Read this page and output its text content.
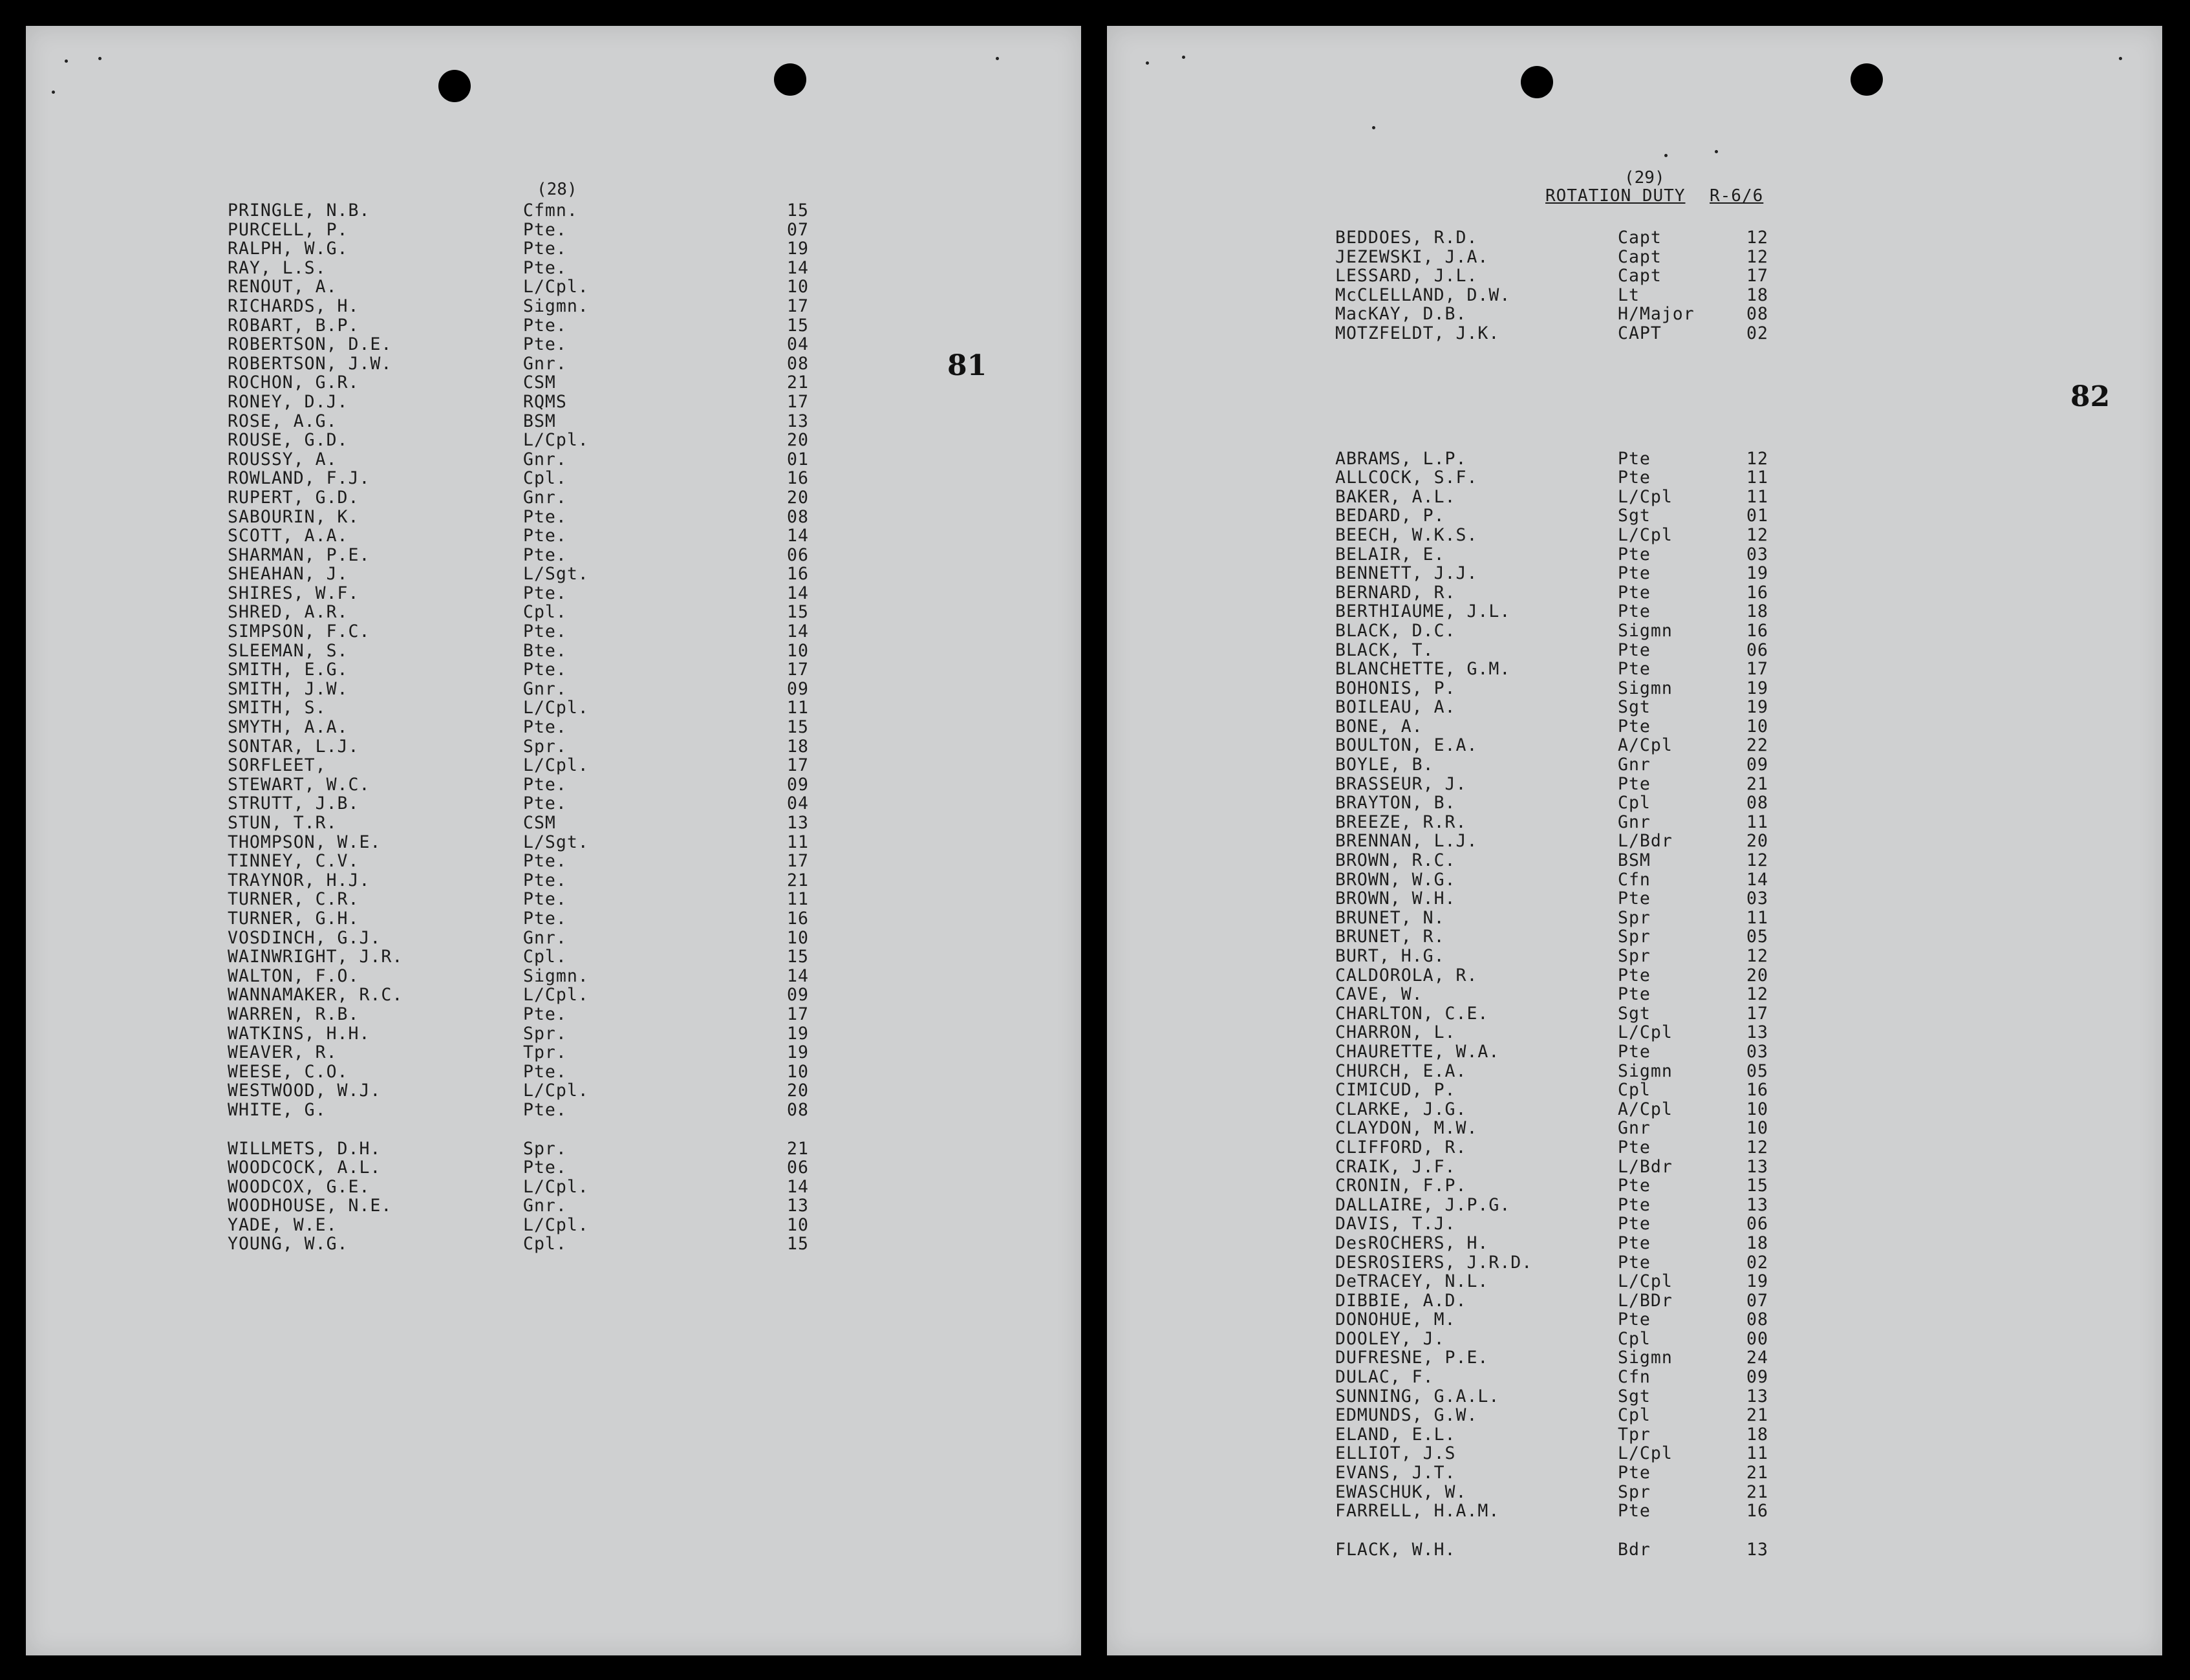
(28)
81
PRINGLE, N.B.	Cfmn.	15
PURCELL, P.	Pte.	07
RALPH, W.G.	Pte.	19
RAY, L.S.	Pte.	14
RENOUT, A.	L/Cpl.	10
RICHARDS, H.	Sigmn.	17
ROBART, B.P.	Pte.	15
ROBERTSON, D.E.	Pte.	04
ROBERTSON, J.W.	Gnr.	08
ROCHON, G.R.	CSM	21
RONEY, D.J.	RQMS	17
ROSE, A.G.	BSM	13
ROUSE, G.D.	L/Cpl.	20
ROUSSY, A.	Gnr.	01
ROWLAND, F.J.	Cpl.	16
RUPERT, G.D.	Gnr.	20
SABOURIN, K.	Pte.	08
SCOTT, A.A.	Pte.	14
SHARMAN, P.E.	Pte.	06
SHEAHAN, J.	L/Sgt.	16
SHIRES, W.F.	Pte.	14
SHRED, A.R.	Cpl.	15
SIMPSON, F.C.	Pte.	14
SLEEMAN, S.	Bte.	10
SMITH, E.G.	Pte.	17
SMITH, J.W.	Gnr.	09
SMITH, S.	L/Cpl.	11
SMYTH, A.A.	Pte.	15
SONTAR, L.J.	Spr.	18
SORFLEET,	L/Cpl.	17
STEWART, W.C.	Pte.	09
STRUTT, J.B.	Pte.	04
STUN, T.R.	CSM	13
THOMPSON, W.E.	L/Sgt.	11
TINNEY, C.V.	Pte.	17
TRAYNOR, H.J.	Pte.	21
TURNER, C.R.	Pte.	11
TURNER, G.H.	Pte.	16
VOSDINCH, G.J.	Gnr.	10
WAINWRIGHT, J.R.	Cpl.	15
WALTON, F.O.	Sigmn.	14
WANNAMAKER, R.C.	L/Cpl.	09
WARREN, R.B.	Pte.	17
WATKINS, H.H.	Spr.	19
WEAVER, R.	Tpr.	19
WEESE, C.O.	Pte.	10
WESTWOOD, W.J.	L/Cpl.	20
WHITE, G.	Pte.	08
WILLMETS, D.H.	Spr.	21
WOODCOCK, A.L.	Pte.	06
WOODCOX, G.E.	L/Cpl.	14
WOODHOUSE, N.E.	Gnr.	13
YADE, W.E.	L/Cpl.	10
YOUNG, W.G.	Cpl.	15
(29)
ROTATION DUTY R-6/6
82
BEDDOES, R.D.	Capt	12
JEZEWSKI, J.A.	Capt	12
LESSARD, J.L.	Capt	17
McCLELLAND, D.W.	Lt	18
MacKAY, D.B.	H/Major	08
MOTZFELDT, J.K.	CAPT	02
ABRAMS, L.P.	Pte	12
ALLCOCK, S.F.	Pte	11
BAKER, A.L.	L/Cpl	11
BEDARD, P.	Sgt	01
BEECH, W.K.S.	L/Cpl	12
BELAIR, E.	Pte	03
BENNETT, J.J.	Pte	19
BERNARD, R.	Pte	16
BERTHIAUME, J.L.	Pte	18
BLACK, D.C.	Sigmn	16
BLACK, T.	Pte	06
BLANCHETTE, G.M.	Pte	17
BOHONIS, P.	Sigmn	19
BOILEAU, A.	Sgt	19
BONE, A.	Pte	10
BOULTON, E.A.	A/Cpl	22
BOYLE, B.	Gnr	09
BRASSEUR, J.	Pte	21
BRAYTON, B.	Cpl	08
BREEZE, R.R.	Gnr	11
BRENNAN, L.J.	L/Bdr	20
BROWN, R.C.	BSM	12
BROWN, W.G.	Cfn	14
BROWN, W.H.	Pte	03
BRUNET, N.	Spr	11
BRUNET, R.	Spr	05
BURT, H.G.	Spr	12
CALDOROLA, R.	Pte	20
CAVE, W.	Pte	12
CHARLTON, C.E.	Sgt	17
CHARRON, L.	L/Cpl	13
CHAURETTE, W.A.	Pte	03
CHURCH, E.A.	Sigmn	05
CIMICUD, P.	Cpl	16
CLARKE, J.G.	A/Cpl	10
CLAYDON, M.W.	Gnr	10
CLIFFORD, R.	Pte	12
CRAIK, J.F.	L/Bdr	13
CRONIN, F.P.	Pte	15
DALLAIRE, J.P.G.	Pte	13
DAVIS, T.J.	Pte	06
DesROCHERS, H.	Pte	18
DESROSIERS, J.R.D.	Pte	02
DeTRACEY, N.L.	L/Cpl	19
DIBBIE, A.D.	L/BDr	07
DONOHUE, M.	Pte	08
DOOLEY, J.	Cpl	00
DUFRESNE, P.E.	Sigmn	24
DULAC, F.	Cfn	09
SUNNING, G.A.L.	Sgt	13
EDMUNDS, G.W.	Cpl	21
ELAND, E.L.	Tpr	18
ELLIOT, J.S	L/Cpl	11
EVANS, J.T.	Pte	21
EWASCHUK, W.	Spr	21
FARRELL, H.A.M.	Pte	16
FLACK, W.H.	Bdr	13
